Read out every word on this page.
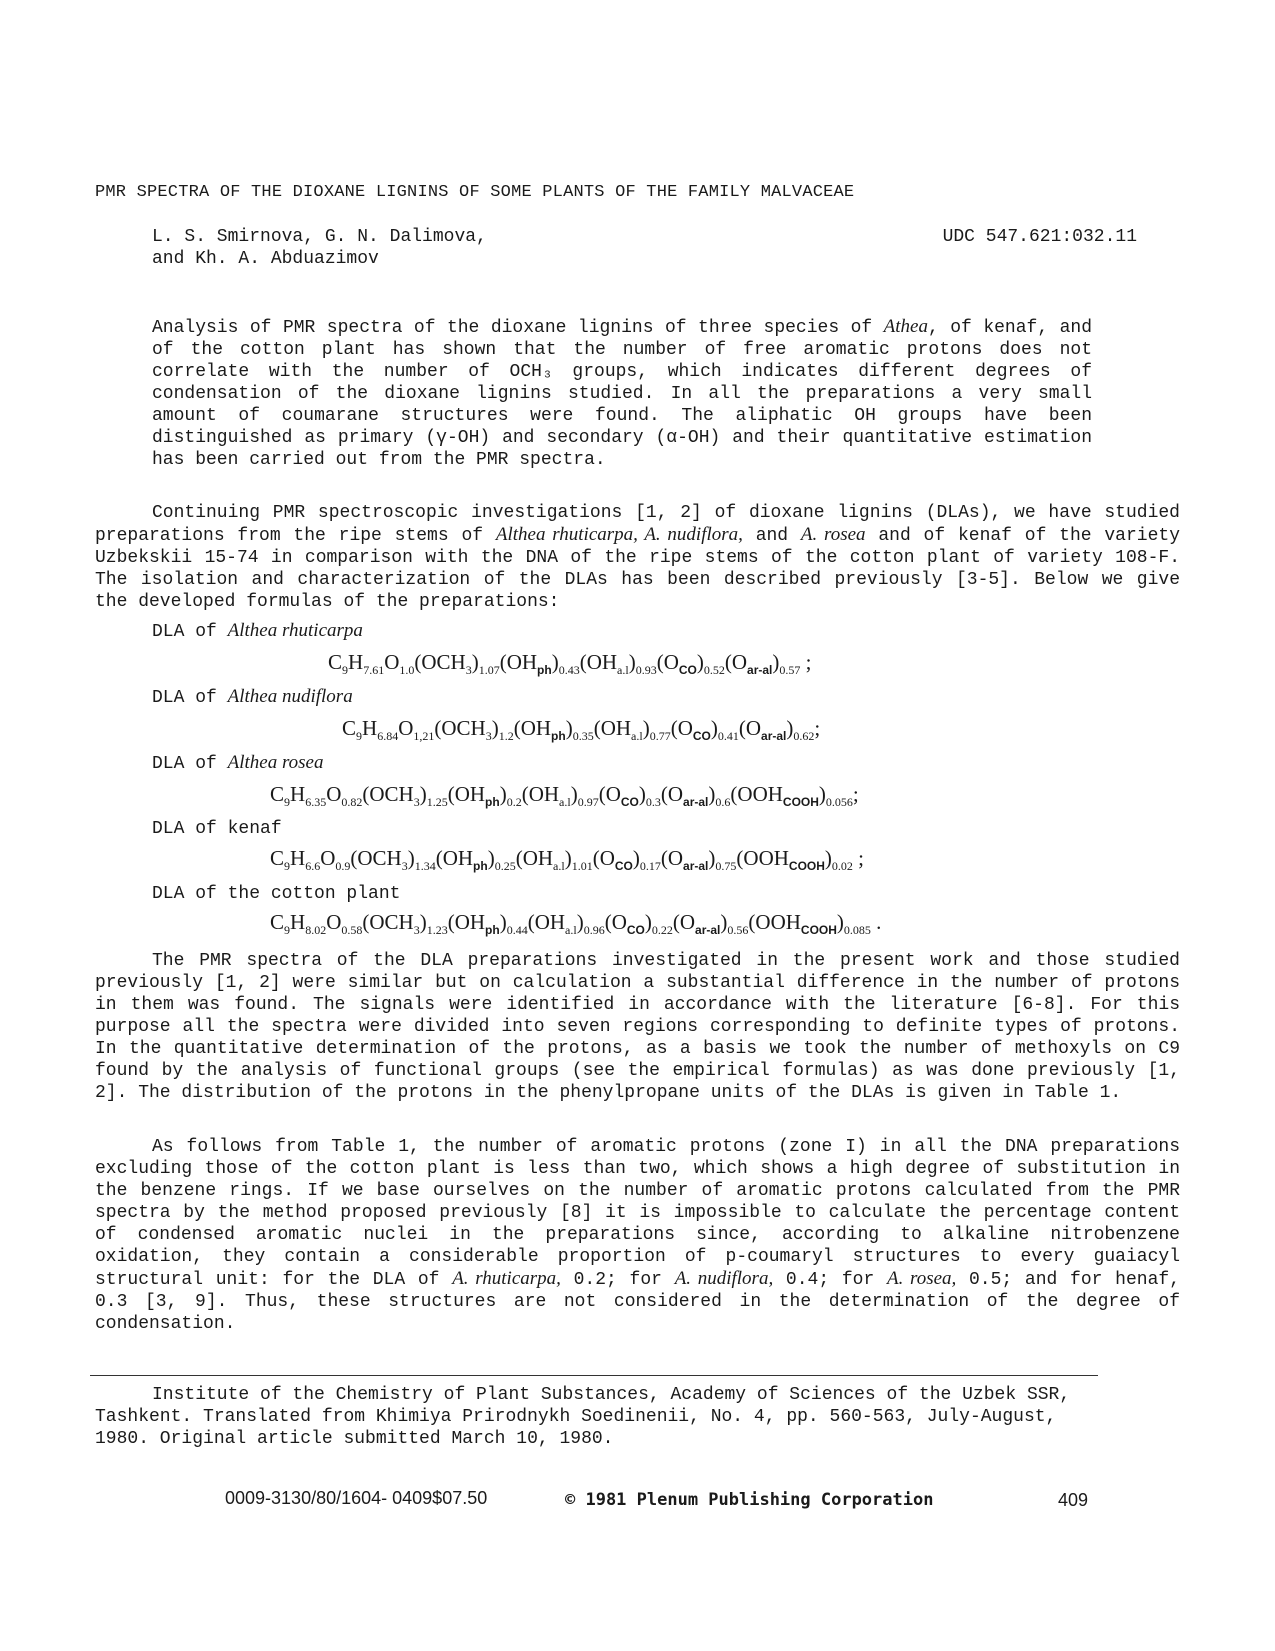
PMR SPECTRA OF THE DIOXANE LIGNINS OF SOME PLANTS OF THE FAMILY MALVACEAE
L. S. Smirnova, G. N. Dalimova,
and Kh. A. Abduazimov
UDC 547.621:032.11

Analysis of PMR spectra of the dioxane lignins of three species of Athea, of kenaf, and of the cotton plant has shown that the number of free aromatic protons does not correlate with the number of OCH₃ groups, which indicates different degrees of condensation of the dioxane lignins studied. In all the preparations a very small amount of coumarane structures were found. The aliphatic OH groups have been distinguished as primary (γ-OH) and secondary (α-OH) and their quantitative estimation has been carried out from the PMR spectra.

Continuing PMR spectroscopic investigations [1, 2] of dioxane lignins (DLAs), we have studied preparations from the ripe stems of Althea rhuticarpa, A. nudiflora, and A. rosea and of kenaf of the variety Uzbekskii 15-74 in comparison with the DNA of the ripe stems of the cotton plant of variety 108-F. The isolation and characterization of the DLAs has been described previously [3-5]. Below we give the developed formulas of the preparations:

DLA of Althea rhuticarpa
$C_9H_{7.61}O_{1.0}(OCH_3)_{1.07}(OH_{ph})_{0.43}(OH_{a.l})_{0.93}(O_{CO})_{0.52}(O_{ar-al})_{0.57}$ ;
DLA of Althea nudiflora
$C_9H_{6.84}O_{1,21}(OCH_3)_{1.2}(OH_{ph})_{0.35}(OH_{a.l})_{0.77}(O_{CO})_{0.41}(O_{ar-al})_{0.62}$;
DLA of Althea rosea
$C_9H_{6.35}O_{0.82}(OCH_3)_{1.25}(OH_{ph})_{0.2}(OH_{a.l})_{0.97}(O_{CO})_{0.3}(O_{ar-al})_{0.6}(OOH_{COOH})_{0.056}$;
DLA of kenaf
$C_9H_{6.6}O_{0.9}(OCH_3)_{1.34}(OH_{ph})_{0.25}(OH_{a.l})_{1.01}(O_{CO})_{0.17}(O_{ar-al})_{0.75}(OOH_{COOH})_{0.02}$ ;
DLA of the cotton plant
$C_9H_{8.02}O_{0.58}(OCH_3)_{1.23}(OH_{ph})_{0.44}(OH_{a.l})_{0.96}(O_{CO})_{0.22}(O_{ar-al})_{0.56}(OOH_{COOH})_{0.085}$ .

The PMR spectra of the DLA preparations investigated in the present work and those studied previously [1, 2] were similar but on calculation a substantial difference in the number of protons in them was found. The signals were identified in accordance with the literature [6-8]. For this purpose all the spectra were divided into seven regions corresponding to definite types of protons. In the quantitative determination of the protons, as a basis we took the number of methoxyls on C9 found by the analysis of functional groups (see the empirical formulas) as was done previously [1, 2]. The distribution of the protons in the phenylpropane units of the DLAs is given in Table 1.

As follows from Table 1, the number of aromatic protons (zone I) in all the DNA preparations excluding those of the cotton plant is less than two, which shows a high degree of substitution in the benzene rings. If we base ourselves on the number of aromatic protons calculated from the PMR spectra by the method proposed previously [8] it is impossible to calculate the percentage content of condensed aromatic nuclei in the preparations since, according to alkaline nitrobenzene oxidation, they contain a considerable proportion of p-coumaryl structures to every guaiacyl structural unit: for the DLA of A. rhuticarpa, 0.2; for A. nudiflora, 0.4; for A. rosea, 0.5; and for henaf, 0.3 [3, 9]. Thus, these structures are not considered in the determination of the degree of condensation.

Institute of the Chemistry of Plant Substances, Academy of Sciences of the Uzbek SSR, Tashkent. Translated from Khimiya Prirodnykh Soedinenii, No. 4, pp. 560-563, July-August, 1980. Original article submitted March 10, 1980.

0009-3130/80/1604- 0409$07.50	© 1981 Plenum Publishing Corporation	409
